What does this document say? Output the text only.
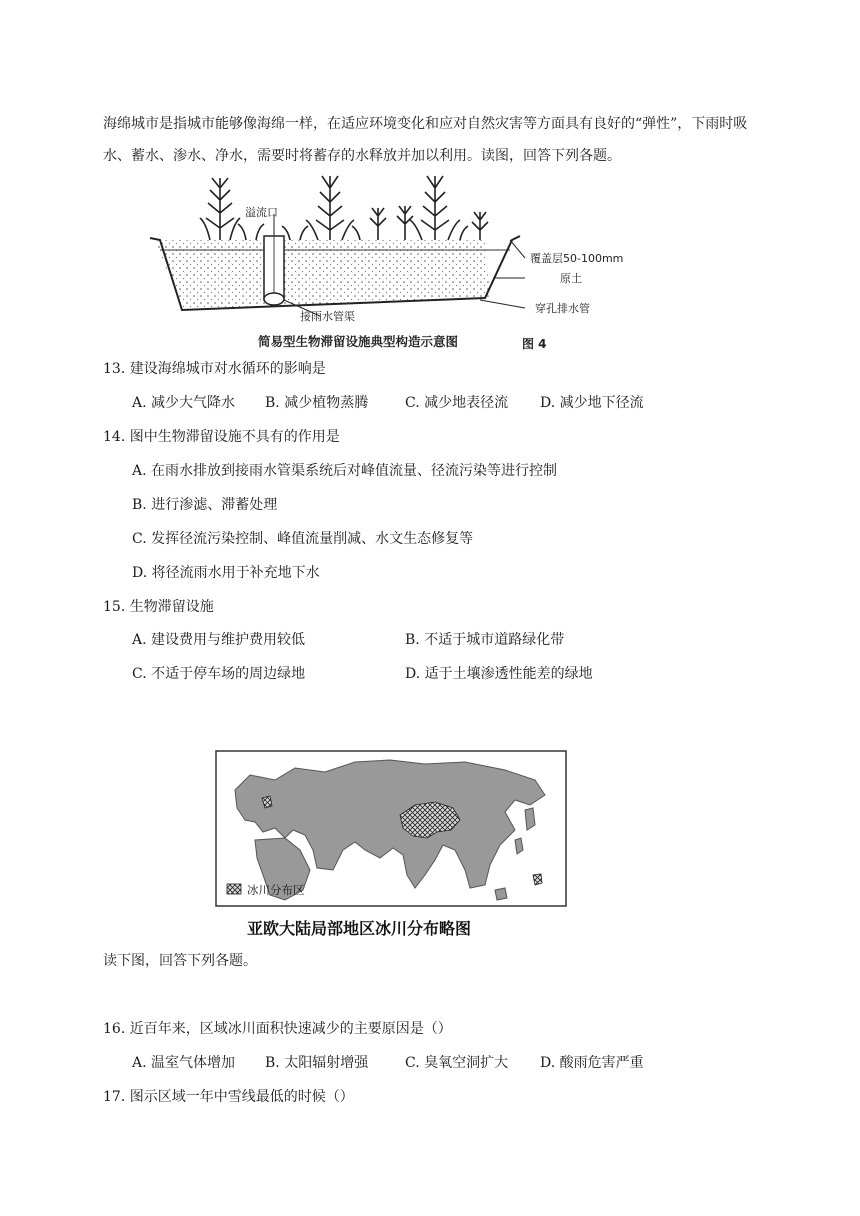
海绵城市是指城市能够像海绵一样，在适应环境变化和应对自然灾害等方面具有良好的“弹性”，下雨时吸水、蓄水、渗水、净水，需要时将蓄存的水释放并加以利用。读图，回答下列各题。
溢流口
覆盖层50-100mm
原土
穿孔排水管
接雨水管渠
简易型生物滞留设施典型构造示意图	图 4
13. 建设海绵城市对水循环的影响是
A. 减少大气降水 B. 减少植物蒸腾	C. 减少地表径流 D. 减少地下径流
14. 图中生物滞留设施不具有的作用是
A. 在雨水排放到接雨水管渠系统后对峰值流量、径流污染等进行控制
B. 进行渗滤、滞蓄处理
C. 发挥径流污染控制、峰值流量削减、水文生态修复等
D. 将径流雨水用于补充地下水
15. 生物滞留设施
A. 建设费用与维护费用较低	B. 不适于城市道路绿化带
C. 不适于停车场的周边绿地	D. 适于土壤渗透性能差的绿地
冰川分布区
亚欧大陆局部地区冰川分布略图
读下图，回答下列各题。
16. 近百年来，区域冰川面积快速减少的主要原因是（）
A. 温室气体增加 B. 太阳辐射增强	C. 臭氧空洞扩大 D. 酸雨危害严重
17. 图示区域一年中雪线最低的时候（）
